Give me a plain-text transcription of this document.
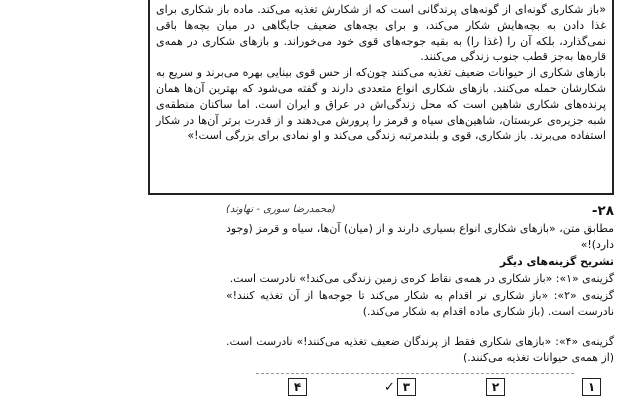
«باز شکاری گونه‌ای از گونه‌های پرندگانی است که از شکارش تغذیه می‌کند. ماده باز شکاری برای غذا دادن به بچه‌هایش شکار می‌کند، و برای بچه‌های ضعیف جایگاهی در میان بچه‌ها باقی نمی‌گذارد، بلکه آن را (غذا را) به بقیه جوجه‌های قوی خود می‌خوراند. و بازهای شکاری در همه‌ی قاره‌ها به‌جز قطب جنوب زندگی می‌کنند.

بازهای شکاری از حیوانات ضعیف تغذیه می‌کنند چون‌که از حس قوی بینایی بهره می‌برند و سریع به شکارشان حمله می‌کنند. بازهای شکاری انواع متعددی دارند و گفته می‌شود که بهترین آن‌ها همان پرنده‌های شکاری شاهین است که محل زندگی‌اش در عراق و ایران است. اما ساکنان منطقه‌ی شبه جزیره‌ی عربستان، شاهین‌های سیاه و قرمز را پرورش می‌دهند و از قدرت برتر آن‌ها در شکار استفاده می‌برند. باز شکاری، قوی و بلندمرتبه زندگی می‌کند و او نمادی برای بزرگی است!»

-۲۸
(محمدرضا سوری - نهاوند)

مطابق متن، «بازهای شکاری انواع بسیاری دارند و از (میان) آن‌ها، سیاه و قرمز (وجود دارد)!»

تشریح گزینه‌های دیگر

گزینه‌ی «۱»: «باز شکاری در همه‌ی نقاط کره‌ی زمین زندگی می‌کند!» نادرست است.

گزینه‌ی «۲»: «باز شکاری نر اقدام به شکار می‌کند تا جوجه‌ها از آن تغذیه کنند!» نادرست است. (باز شکاری ماده اقدام به شکار می‌کند.)

گزینه‌ی «۴»: «بازهای شکاری فقط از پرندگان ضعیف تغذیه می‌کنند!» نادرست است. (از همه‌ی حیوانات تغذیه می‌کنند.)

۱
۲
✓ ۳
۴
